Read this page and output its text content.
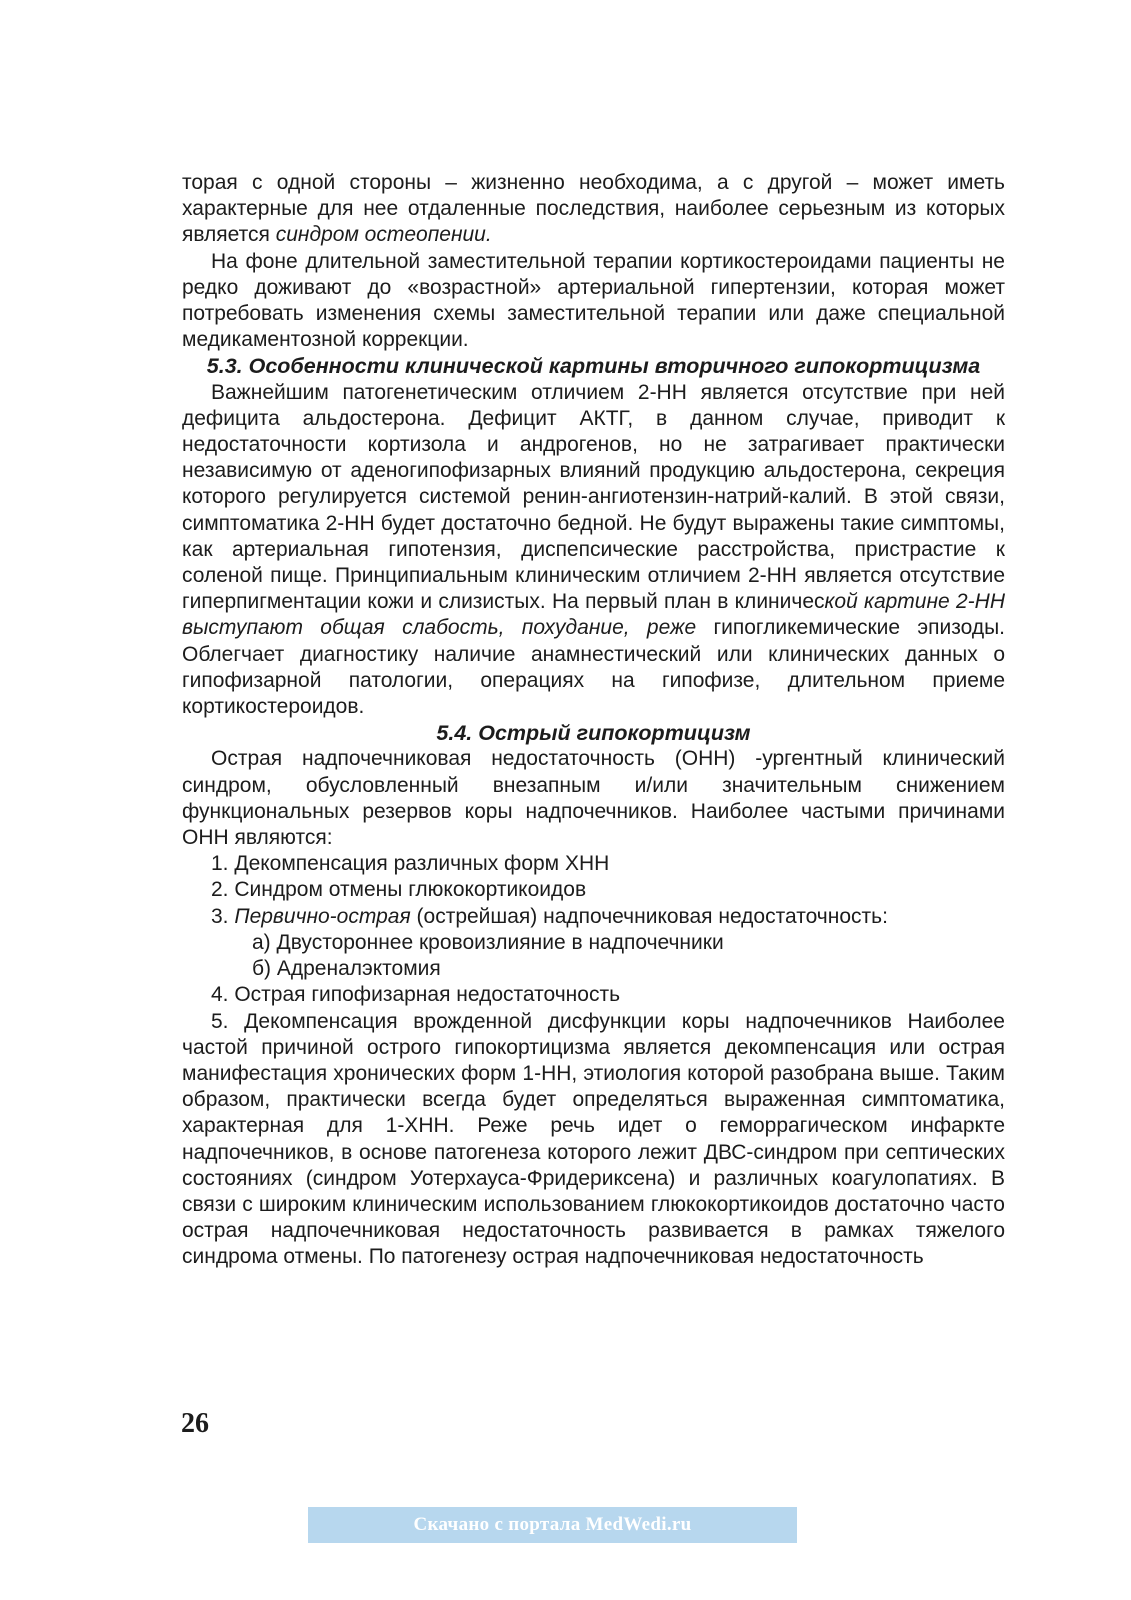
торая с одной стороны – жизненно необходима, а с другой – может иметь характерные для нее отдаленные последствия, наиболее серьезным из которых является синдром остеопении.

На фоне длительной заместительной терапии кортикостероидами пациенты не редко доживают до «возрастной» артериальной гипертензии, которая может потребовать изменения схемы заместительной терапии или даже специальной медикаментозной коррекции.

5.3. Особенности клинической картины вторичного гипокортицизма

Важнейшим патогенетическим отличием 2-НН является отсутствие при ней дефицита альдостерона. Дефицит АКТГ, в данном случае, приводит к недостаточности кортизола и андрогенов, но не затрагивает практически независимую от аденогипофизарных влияний продукцию альдостерона, секреция которого регулируется системой ренин-ангиотензин-натрий-калий. В этой связи, симптоматика 2-НН будет достаточно бедной. Не будут выражены такие симптомы, как артериальная гипотензия, диспепсические расстройства, пристрастие к соленой пище. Принципиальным клиническим отличием 2-НН является отсутствие гиперпигментации кожи и слизистых. На первый план в клинической картине 2-НН выступают общая слабость, похудание, реже гипогликемические эпизоды. Облегчает диагностику наличие анамнестический или клинических данных о гипофизарной патологии, операциях на гипофизе, длительном приеме кортикостероидов.

5.4. Острый гипокортицизм

Острая надпочечниковая недостаточность (ОНН) -ургентный клинический синдром, обусловленный внезапным и/или значительным снижением функциональных резервов коры надпочечников. Наиболее частыми причинами ОНН являются:

1. Декомпенсация различных форм ХНН

2. Синдром отмены глюкокортикоидов

3. Первично-острая (острейшая) надпочечниковая недостаточность:

а) Двустороннее кровоизлияние в надпочечники

б) Адреналэктомия

4. Острая гипофизарная недостаточность

5. Декомпенсация врожденной дисфункции коры надпочечников Наиболее частой причиной острого гипокортицизма является декомпенсация или острая манифестация хронических форм 1-НН, этиология которой разобрана выше. Таким образом, практически всегда будет определяться выраженная симптоматика, характерная для 1-ХНН. Реже речь идет о геморрагическом инфаркте надпочечников, в основе патогенеза которого лежит ДВС-синдром при септических состояниях (синдром Уотерхауса-Фридериксена) и различных коагулопатиях. В связи с широким клиническим использованием глюкокортикоидов достаточно часто острая надпочечниковая недостаточность развивается в рамках тяжелого синдрома отмены. По патогенезу острая надпочечниковая недостаточность

26
Скачано с портала MedWedi.ru
